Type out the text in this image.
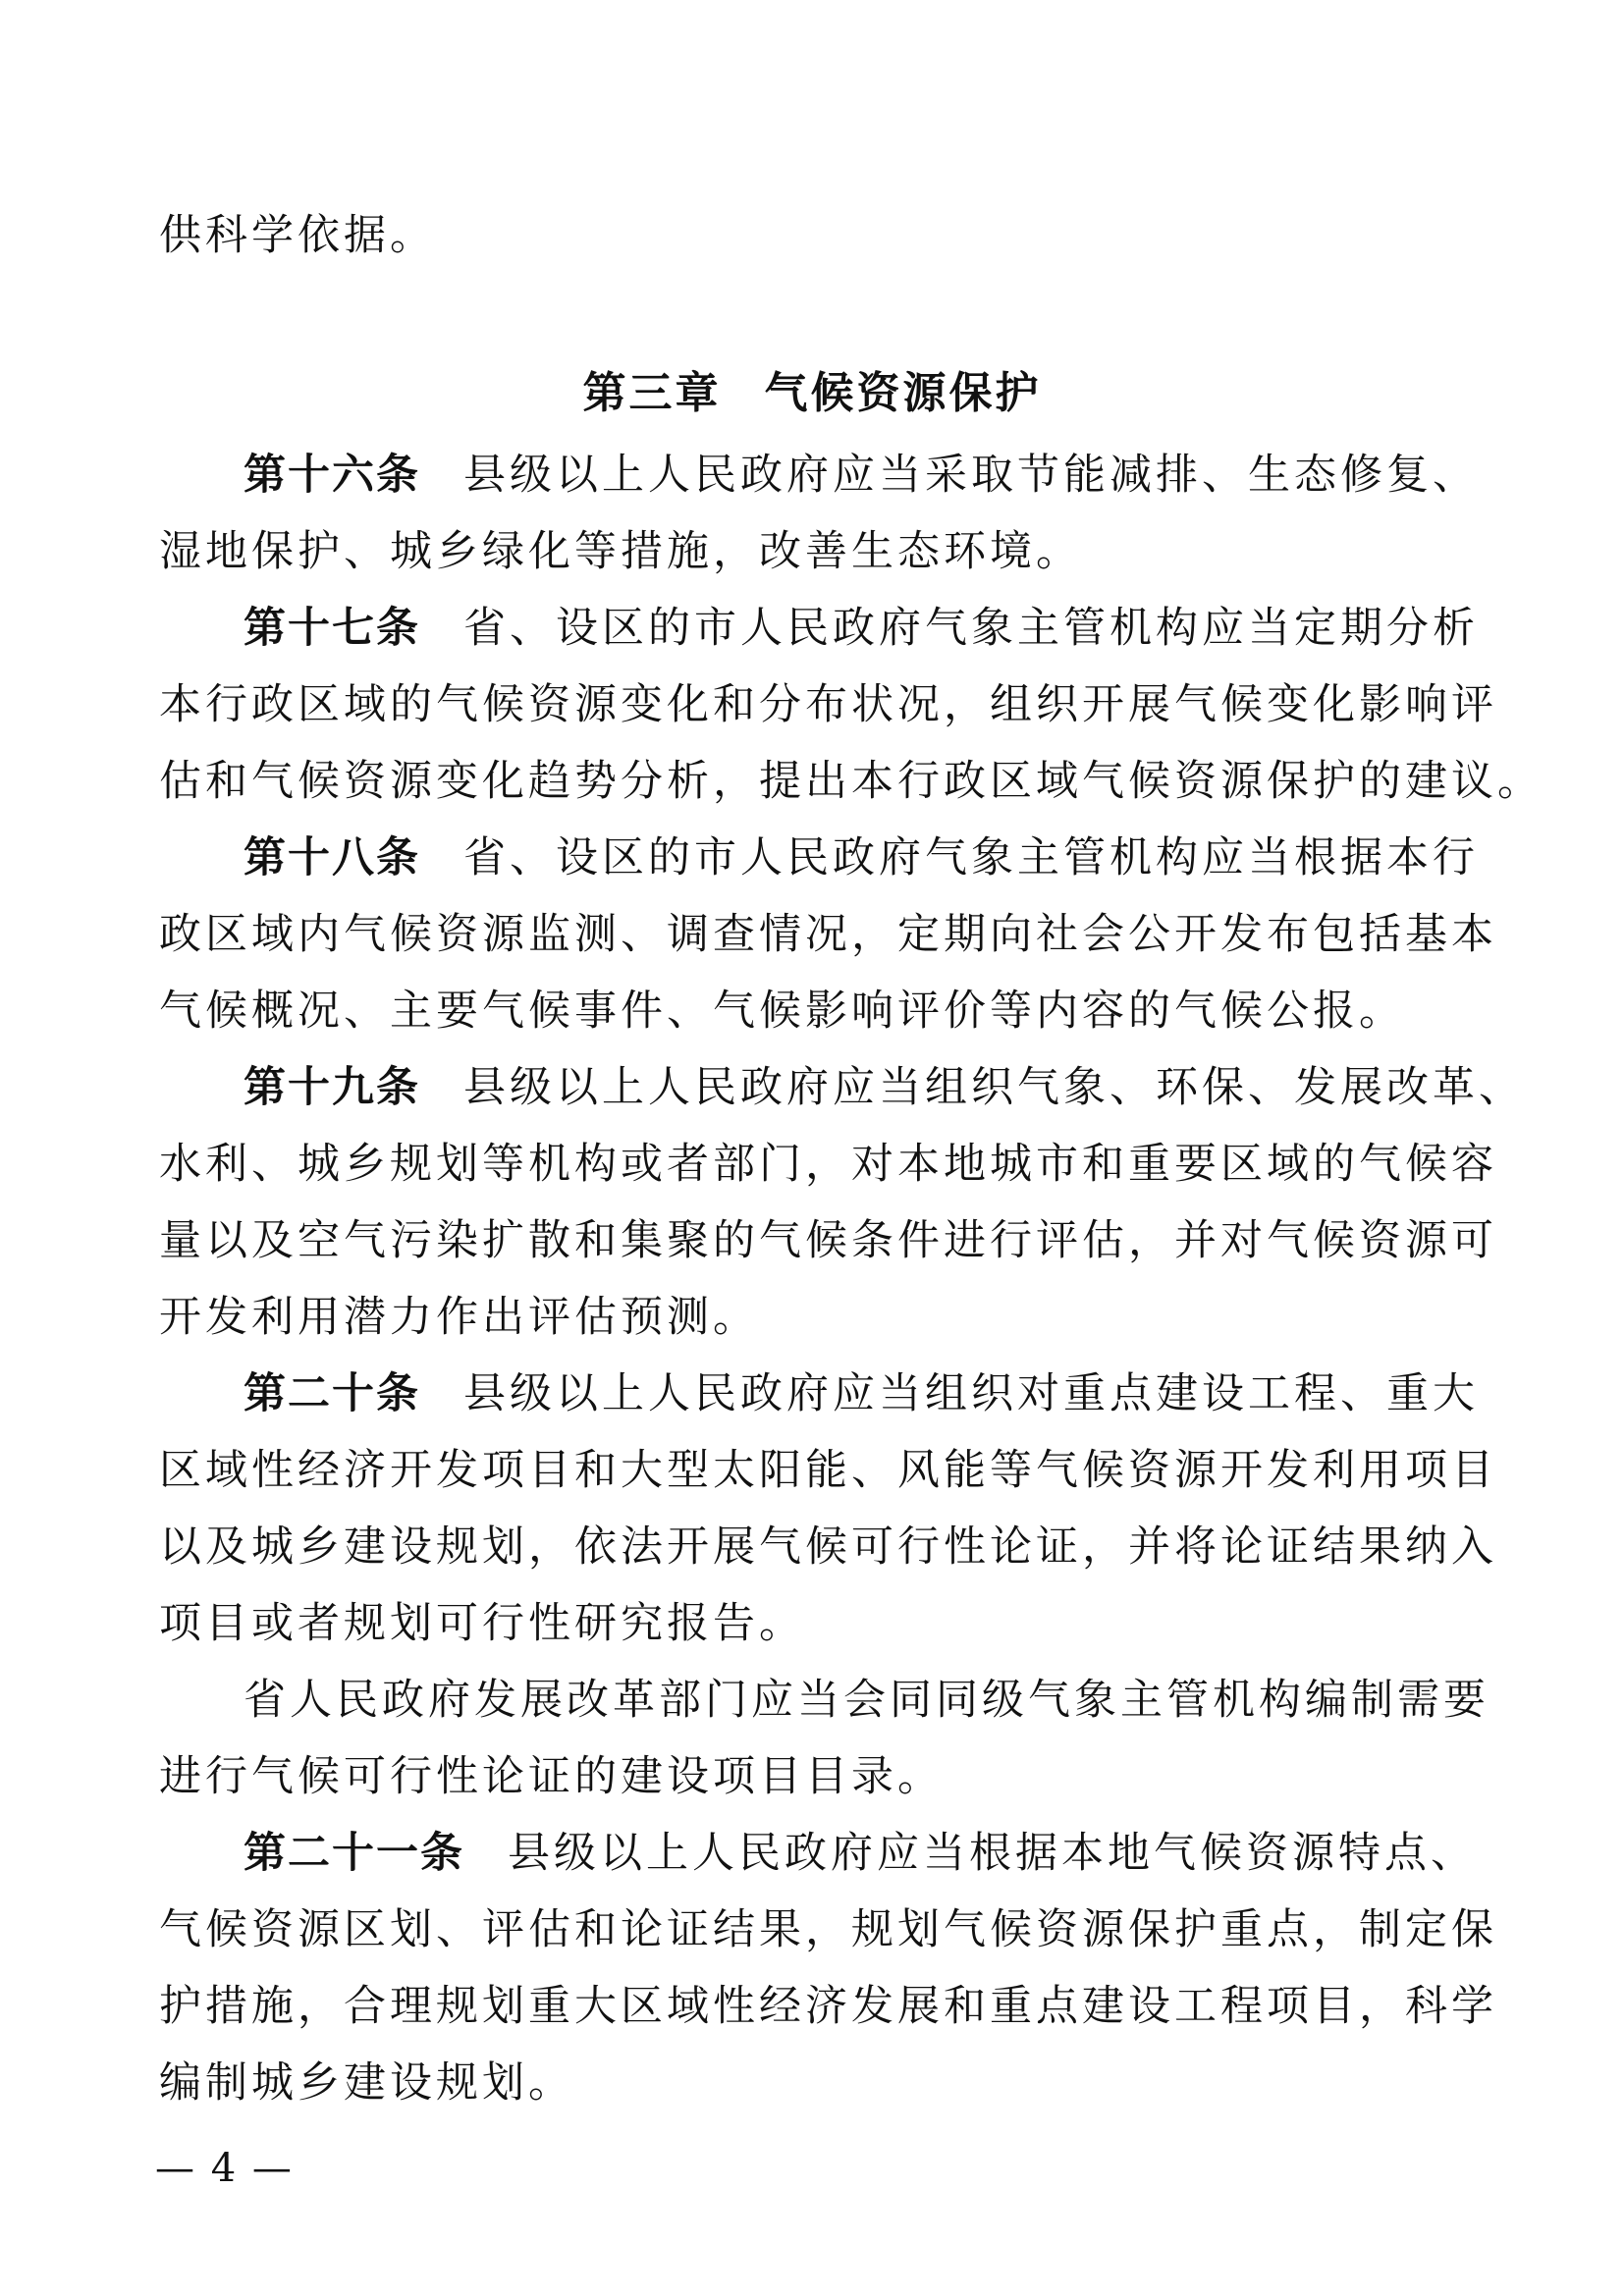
供科学依据。

第三章 气候资源保护

第十六条 县级以上人民政府应当采取节能减排、生态修复、

湿地保护、城乡绿化等措施，改善生态环境。

第十七条 省、设区的市人民政府气象主管机构应当定期分析

本行政区域的气候资源变化和分布状况，组织开展气候变化影响评

估和气候资源变化趋势分析，提出本行政区域气候资源保护的建议。

第十八条 省、设区的市人民政府气象主管机构应当根据本行

政区域内气候资源监测、调查情况，定期向社会公开发布包括基本

气候概况、主要气候事件、气候影响评价等内容的气候公报。

第十九条 县级以上人民政府应当组织气象、环保、发展改革、

水利、城乡规划等机构或者部门，对本地城市和重要区域的气候容

量以及空气污染扩散和集聚的气候条件进行评估，并对气候资源可

开发利用潜力作出评估预测。

第二十条 县级以上人民政府应当组织对重点建设工程、重大

区域性经济开发项目和大型太阳能、风能等气候资源开发利用项目

以及城乡建设规划，依法开展气候可行性论证，并将论证结果纳入

项目或者规划可行性研究报告。

省人民政府发展改革部门应当会同同级气象主管机构编制需要

进行气候可行性论证的建设项目目录。

第二十一条 县级以上人民政府应当根据本地气候资源特点、

气候资源区划、评估和论证结果，规划气候资源保护重点，制定保

护措施，合理规划重大区域性经济发展和重点建设工程项目，科学

编制城乡建设规划。

— 4 —
